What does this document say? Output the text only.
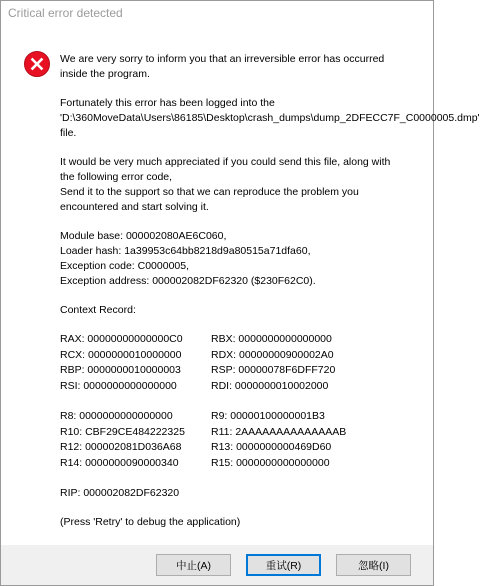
Critical error detected

We are very sorry to inform you that an irreversible error has occurred inside the program.

Fortunately this error has been logged into the 'D:\360MoveData\Users\86185\Desktop\crash_dumps\dump_2DFECC7F_C0000005.dmp' file.

It would be very much appreciated if you could send this file, along with the following error code,
Send it to the support so that we can reproduce the problem you encountered and start solving it.

Module base: 000002080AE6C060,
Loader hash: 1a39953c64bb8218d9a80515a71dfa60,
Exception code: C0000005,
Exception address: 000002082DF62320 ($230F62C0).

Context Record:

RAX: 00000000000000C0	RBX: 0000000000000000
RCX: 0000000010000000	RDX: 00000000900002A0
RBP: 0000000010000003	RSP: 00000078F6DFF720
RSI: 0000000000000000	RDI: 0000000010002000
R8: 0000000000000000	R9: 00000100000001B3
R10: CBF29CE484222325	R11: 2AAAAAAAAAAAAAAB
R12: 000002081D036A68	R13: 0000000000469D60
R14: 0000000090000340	R15: 0000000000000000

RIP: 000002082DF62320

(Press 'Retry' to debug the application)

中止(A)	重试(R)	忽略(I)
